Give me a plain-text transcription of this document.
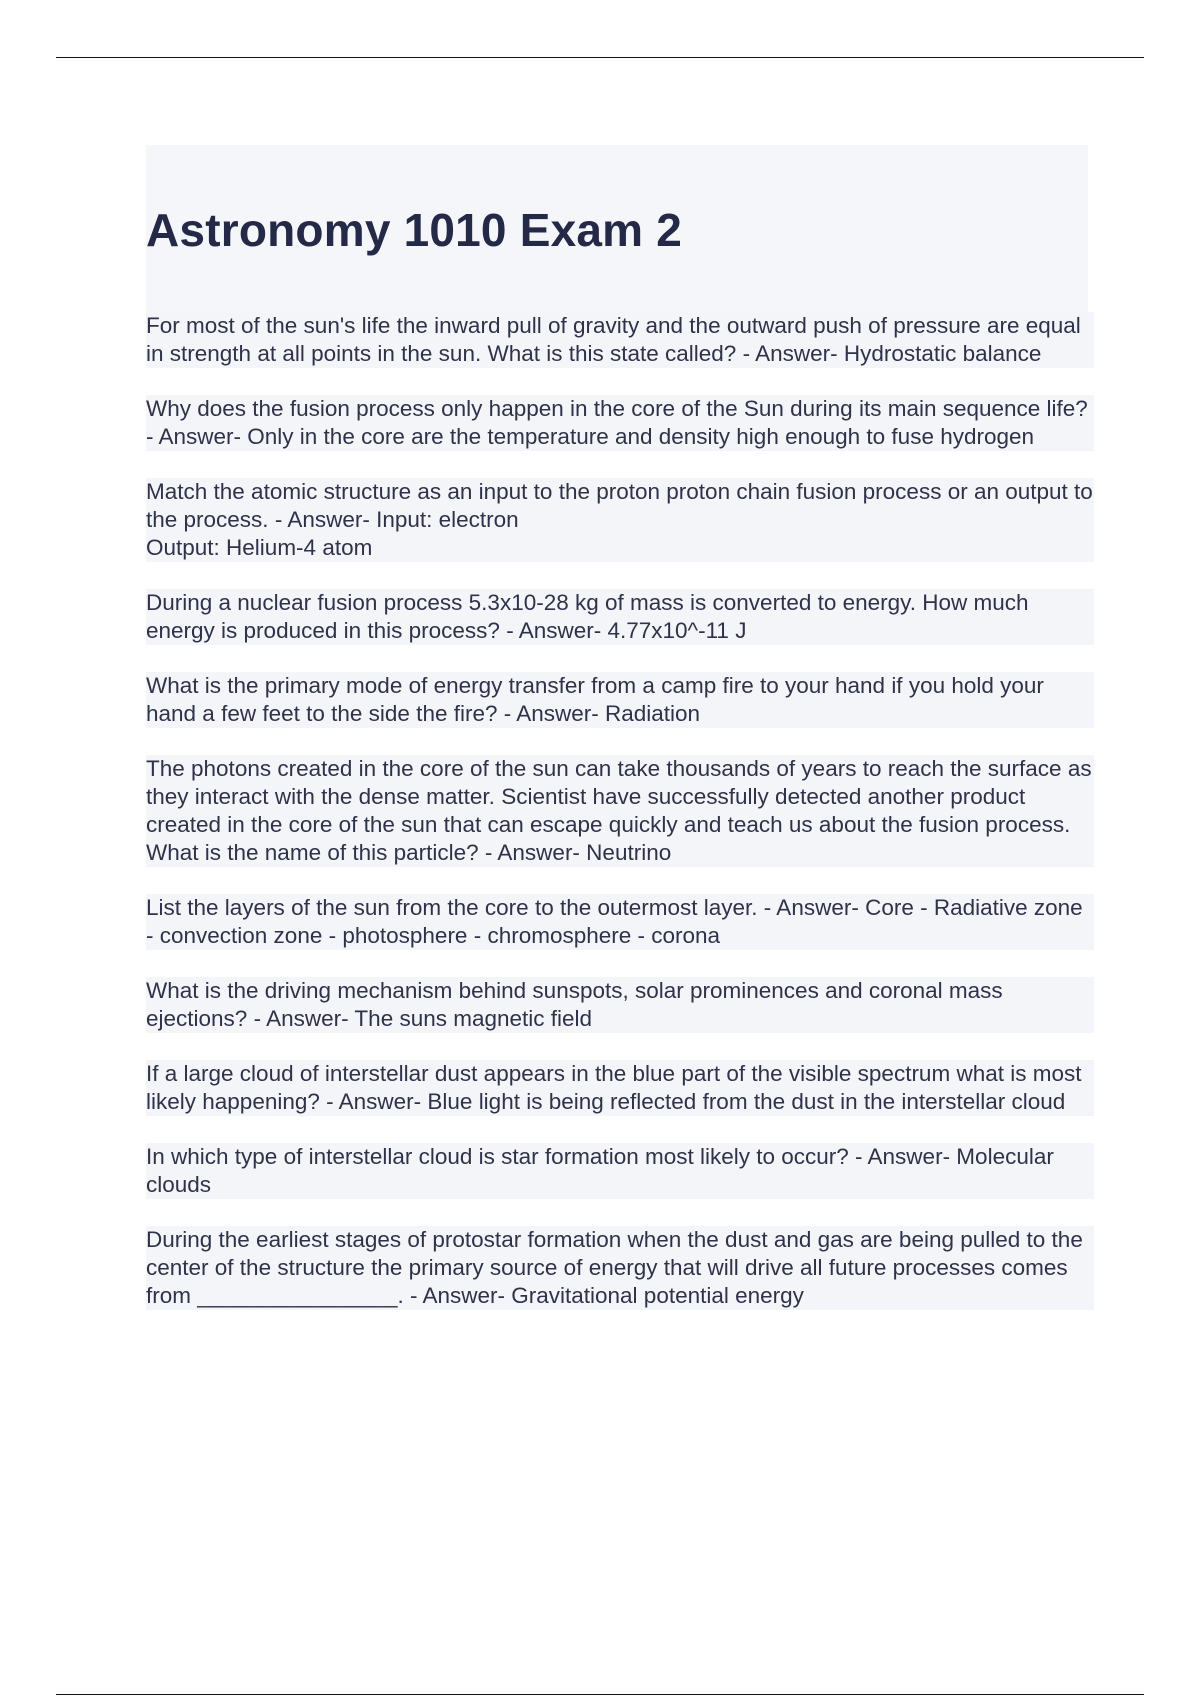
Astronomy 1010 Exam 2

For most of the sun's life the inward pull of gravity and the outward push of pressure are equal in strength at all points in the sun. What is this state called? - Answer- Hydrostatic balance

Why does the fusion process only happen in the core of the Sun during its main sequence life? - Answer- Only in the core are the temperature and density high enough to fuse hydrogen

Match the atomic structure as an input to the proton proton chain fusion process or an output to the process. - Answer- Input: electron

Output: Helium-4 atom

During a nuclear fusion process 5.3x10-28 kg of mass is converted to energy. How much energy is produced in this process? - Answer- 4.77x10^-11 J

What is the primary mode of energy transfer from a camp fire to your hand if you hold your hand a few feet to the side the fire? - Answer- Radiation

The photons created in the core of the sun can take thousands of years to reach the surface as they interact with the dense matter. Scientist have successfully detected another product created in the core of the sun that can escape quickly and teach us about the fusion process.

What is the name of this particle? - Answer- Neutrino

List the layers of the sun from the core to the outermost layer. - Answer- Core - Radiative zone - convection zone - photosphere - chromosphere - corona

What is the driving mechanism behind sunspots, solar prominences and coronal mass ejections? - Answer- The suns magnetic field

If a large cloud of interstellar dust appears in the blue part of the visible spectrum what is most likely happening? - Answer- Blue light is being reflected from the dust in the interstellar cloud

In which type of interstellar cloud is star formation most likely to occur? - Answer- Molecular clouds

During the earliest stages of protostar formation when the dust and gas are being pulled to the center of the structure the primary source of energy that will drive all future processes comes from ________________. - Answer- Gravitational potential energy
